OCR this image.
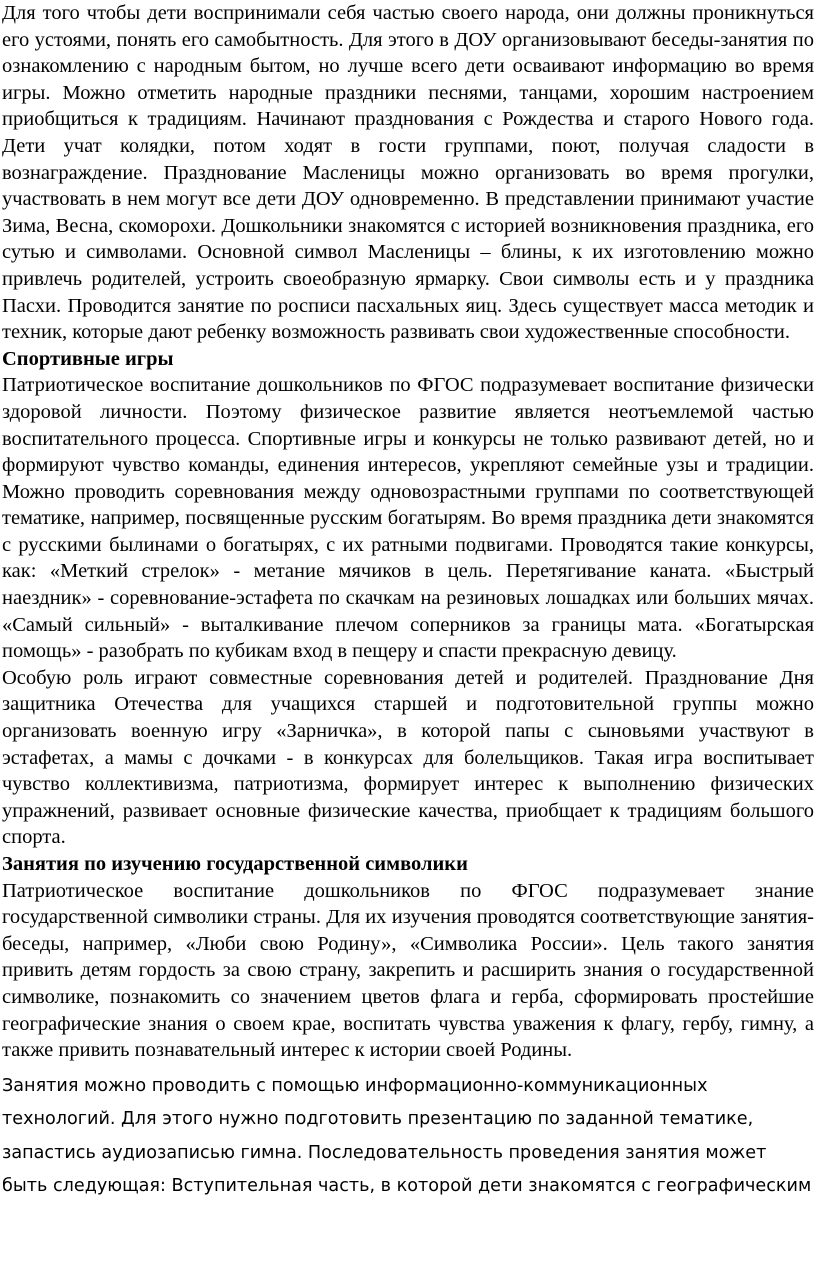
Для того чтобы дети воспринимали себя частью своего народа, они должны проникнуться его устоями, понять его самобытность. Для этого в ДОУ организовывают беседы-занятия по ознакомлению с народным бытом, но лучше всего дети осваивают информацию во время игры. Можно отметить народные праздники песнями, танцами, хорошим настроением приобщиться к традициям. Начинают празднования с Рождества и старого Нового года. Дети учат колядки, потом ходят в гости группами, поют, получая сладости в вознаграждение. Празднование Масленицы можно организовать во время прогулки, участвовать в нем могут все дети ДОУ одновременно. В представлении принимают участие Зима, Весна, скоморохи. Дошкольники знакомятся с историей возникновения праздника, его сутью и символами. Основной символ Масленицы – блины, к их изготовлению можно привлечь родителей, устроить своеобразную ярмарку. Свои символы есть и у праздника Пасхи. Проводится занятие по росписи пасхальных яиц. Здесь существует масса методик и техник, которые дают ребенку возможность развивать свои художественные способности.

Спортивные игры

Патриотическое воспитание дошкольников по ФГОС подразумевает воспитание физически здоровой личности. Поэтому физическое развитие является неотъемлемой частью воспитательного процесса. Спортивные игры и конкурсы не только развивают детей, но и формируют чувство команды, единения интересов, укрепляют семейные узы и традиции. Можно проводить соревнования между одновозрастными группами по соответствующей тематике, например, посвященные русским богатырям. Во время праздника дети знакомятся с русскими былинами о богатырях, с их ратными подвигами. Проводятся такие конкурсы, как: «Меткий стрелок» - метание мячиков в цель. Перетягивание каната. «Быстрый наездник» - соревнование-эстафета по скачкам на резиновых лошадках или больших мячах. «Самый сильный» - выталкивание плечом соперников за границы мата. «Богатырская помощь» - разобрать по кубикам вход в пещеру и спасти прекрасную девицу.

Особую роль играют совместные соревнования детей и родителей. Празднование Дня защитника Отечества для учащихся старшей и подготовительной группы можно организовать военную игру «Зарничка», в которой папы с сыновьями участвуют в эстафетах, а мамы с дочками - в конкурсах для болельщиков. Такая игра воспитывает чувство коллективизма, патриотизма, формирует интерес к выполнению физических упражнений, развивает основные физические качества, приобщает к традициям большого спорта.

Занятия по изучению государственной символики

Патриотическое воспитание дошкольников по ФГОС подразумевает знание государственной символики страны. Для их изучения проводятся соответствующие занятия-беседы, например, «Люби свою Родину», «Символика России». Цель такого занятия привить детям гордость за свою страну, закрепить и расширить знания о государственной символике, познакомить со значением цветов флага и герба, сформировать простейшие географические знания о своем крае, воспитать чувства уважения к флагу, гербу, гимну, а также привить познавательный интерес к истории своей Родины.

Занятия можно проводить с помощью информационно-коммуникационных технологий. Для этого нужно подготовить презентацию по заданной тематике, запастись аудиозаписью гимна. Последовательность проведения занятия может быть следующая: Вступительная часть, в которой дети знакомятся с географическим
